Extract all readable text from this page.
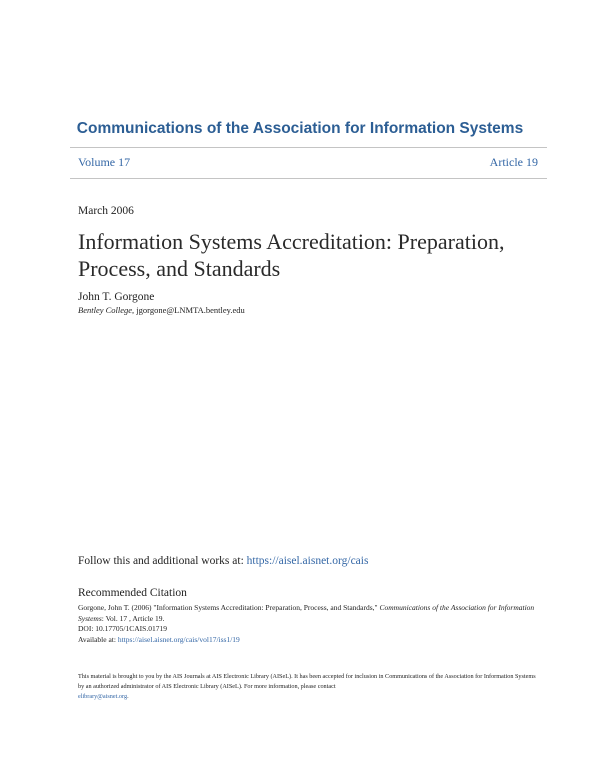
Communications of the Association for Information Systems
Volume 17	Article 19
March 2006
Information Systems Accreditation: Preparation, Process, and Standards
John T. Gorgone
Bentley College, jgorgone@LNMTA.bentley.edu
Follow this and additional works at: https://aisel.aisnet.org/cais
Recommended Citation
Gorgone, John T. (2006) "Information Systems Accreditation: Preparation, Process, and Standards," Communications of the Association for Information Systems: Vol. 17 , Article 19.
DOI: 10.17705/1CAIS.01719
Available at: https://aisel.aisnet.org/cais/vol17/iss1/19
This material is brought to you by the AIS Journals at AIS Electronic Library (AISeL). It has been accepted for inclusion in Communications of the Association for Information Systems by an authorized administrator of AIS Electronic Library (AISeL). For more information, please contact
elibrary@aisnet.org.
